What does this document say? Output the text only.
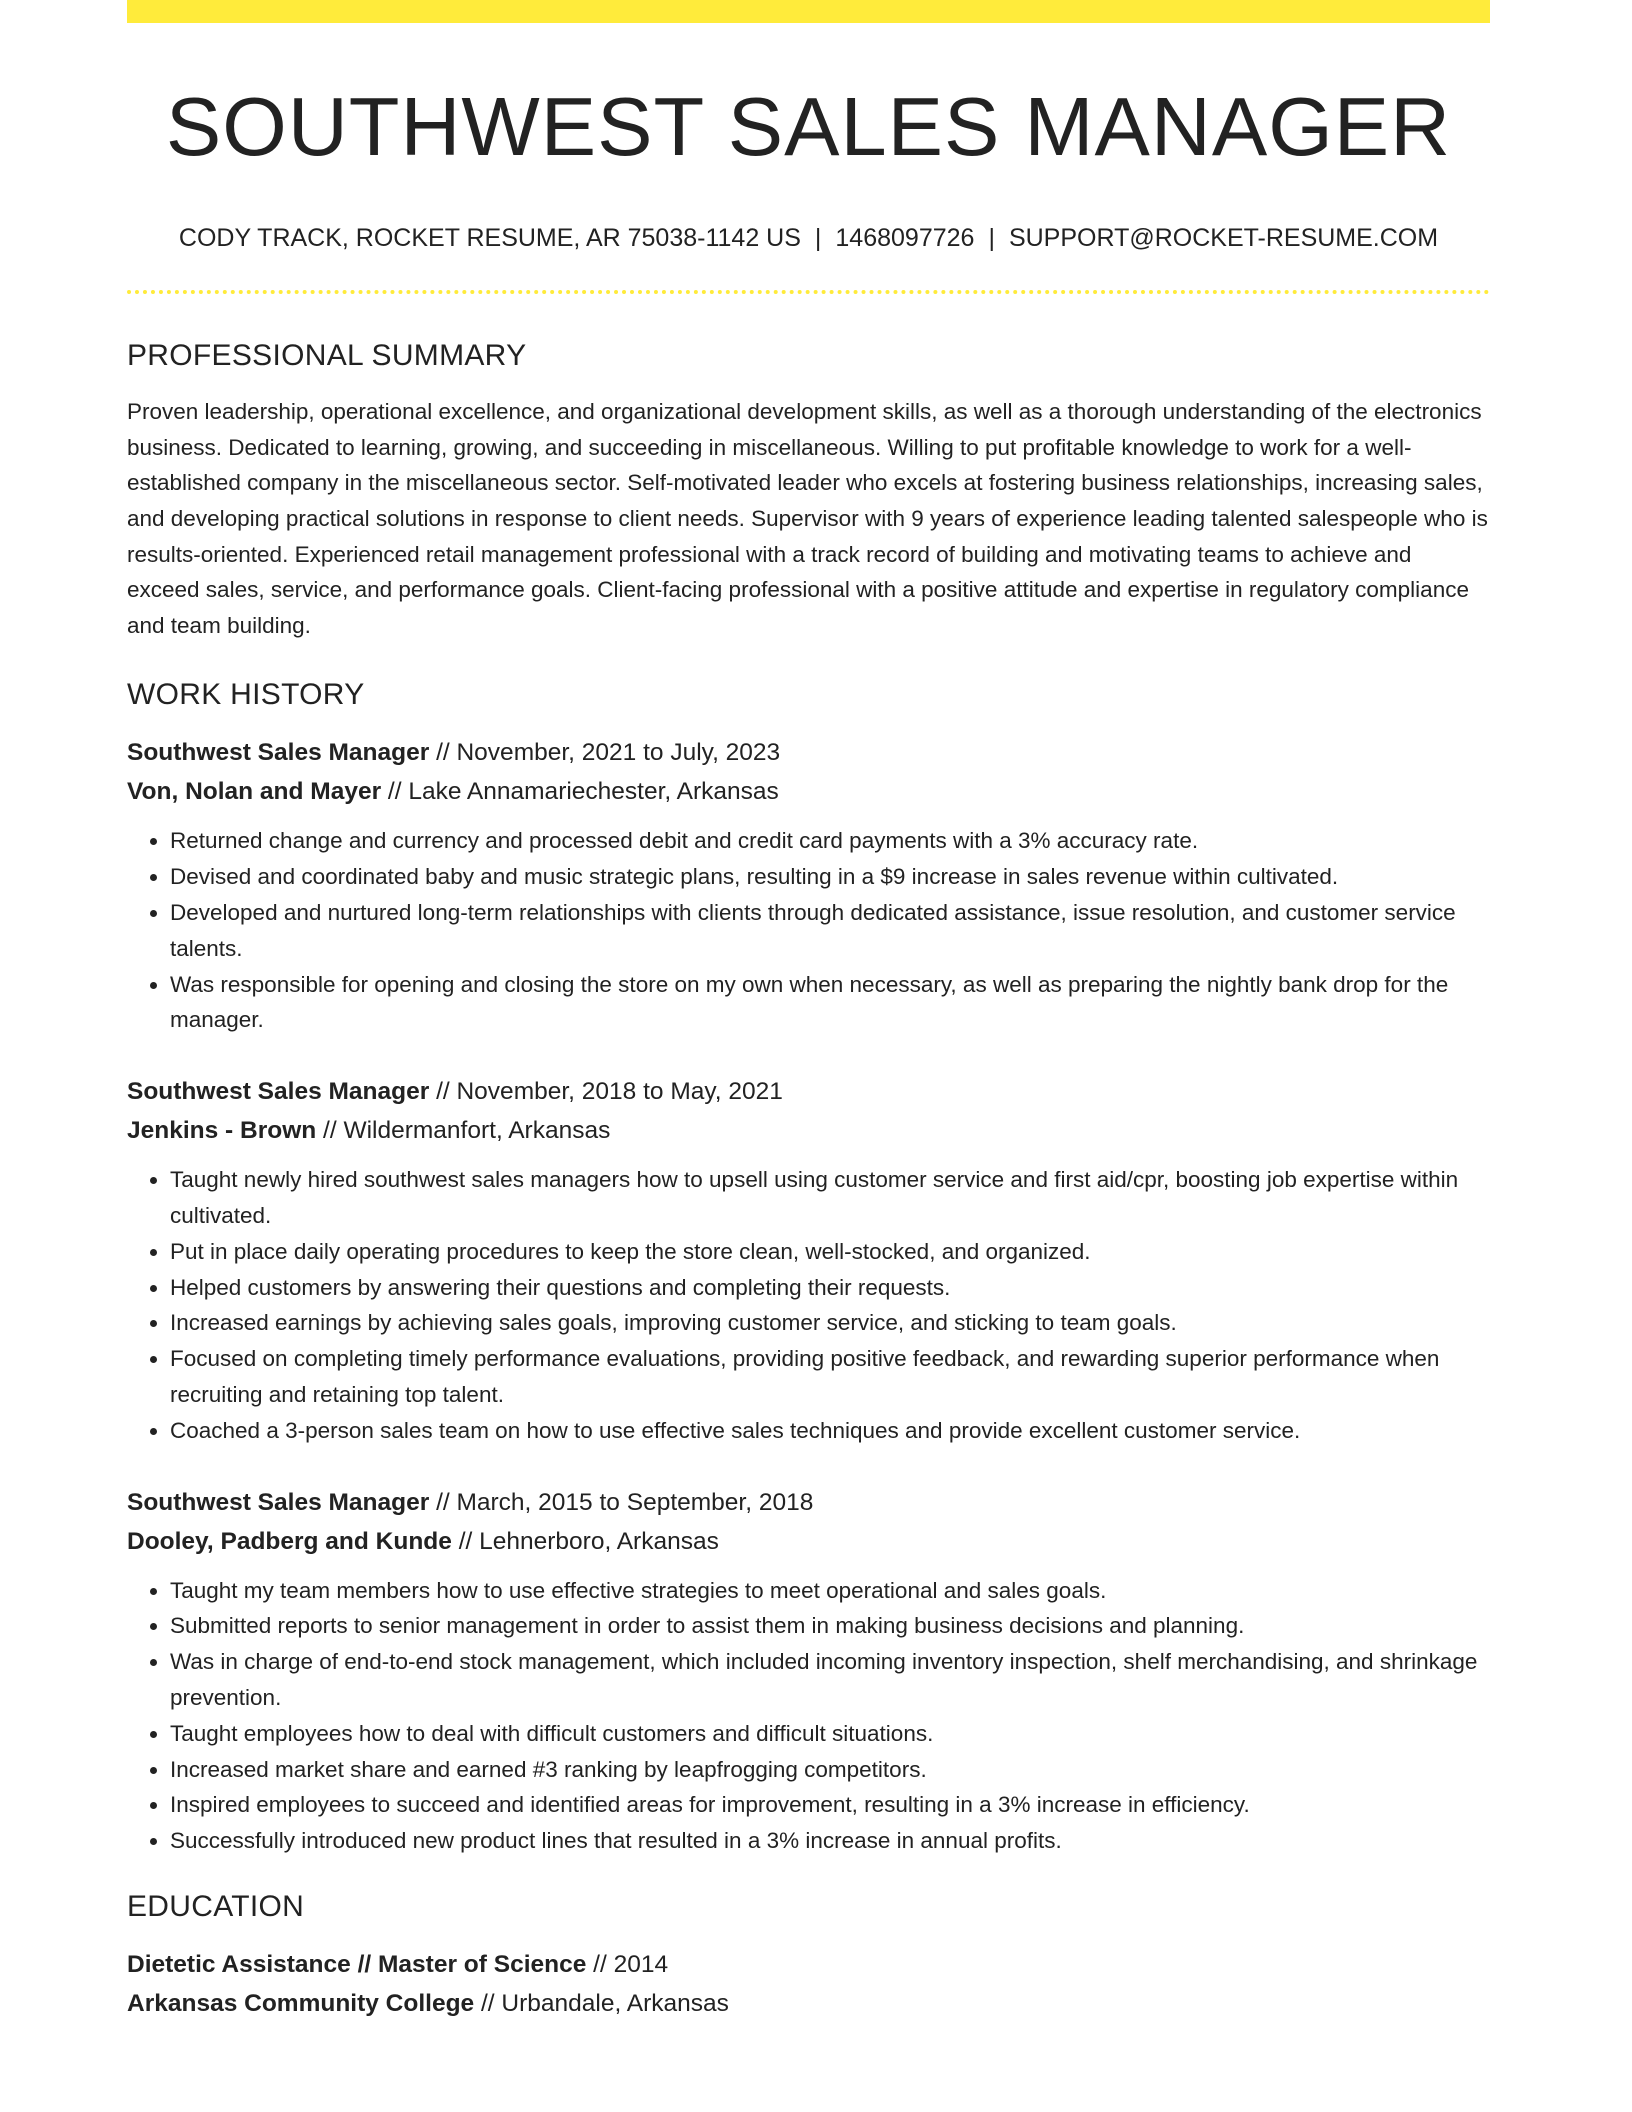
SOUTHWEST SALES MANAGER
CODY TRACK, ROCKET RESUME, AR 75038-1142 US | 1468097726 | SUPPORT@ROCKET-RESUME.COM
PROFESSIONAL SUMMARY
Proven leadership, operational excellence, and organizational development skills, as well as a thorough understanding of the electronics business. Dedicated to learning, growing, and succeeding in miscellaneous. Willing to put profitable knowledge to work for a well-established company in the miscellaneous sector. Self-motivated leader who excels at fostering business relationships, increasing sales, and developing practical solutions in response to client needs. Supervisor with 9 years of experience leading talented salespeople who is results-oriented. Experienced retail management professional with a track record of building and motivating teams to achieve and exceed sales, service, and performance goals. Client-facing professional with a positive attitude and expertise in regulatory compliance and team building.
WORK HISTORY
Southwest Sales Manager // November, 2021 to July, 2023
Von, Nolan and Mayer // Lake Annamariechester, Arkansas
• Returned change and currency and processed debit and credit card payments with a 3% accuracy rate.
• Devised and coordinated baby and music strategic plans, resulting in a $9 increase in sales revenue within cultivated.
• Developed and nurtured long-term relationships with clients through dedicated assistance, issue resolution, and customer service talents.
• Was responsible for opening and closing the store on my own when necessary, as well as preparing the nightly bank drop for the manager.
Southwest Sales Manager // November, 2018 to May, 2021
Jenkins - Brown // Wildermanfort, Arkansas
• Taught newly hired southwest sales managers how to upsell using customer service and first aid/cpr, boosting job expertise within cultivated.
• Put in place daily operating procedures to keep the store clean, well-stocked, and organized.
• Helped customers by answering their questions and completing their requests.
• Increased earnings by achieving sales goals, improving customer service, and sticking to team goals.
• Focused on completing timely performance evaluations, providing positive feedback, and rewarding superior performance when recruiting and retaining top talent.
• Coached a 3-person sales team on how to use effective sales techniques and provide excellent customer service.
Southwest Sales Manager // March, 2015 to September, 2018
Dooley, Padberg and Kunde // Lehnerboro, Arkansas
• Taught my team members how to use effective strategies to meet operational and sales goals.
• Submitted reports to senior management in order to assist them in making business decisions and planning.
• Was in charge of end-to-end stock management, which included incoming inventory inspection, shelf merchandising, and shrinkage prevention.
• Taught employees how to deal with difficult customers and difficult situations.
• Increased market share and earned #3 ranking by leapfrogging competitors.
• Inspired employees to succeed and identified areas for improvement, resulting in a 3% increase in efficiency.
• Successfully introduced new product lines that resulted in a 3% increase in annual profits.
EDUCATION
Dietetic Assistance // Master of Science // 2014
Arkansas Community College // Urbandale, Arkansas
